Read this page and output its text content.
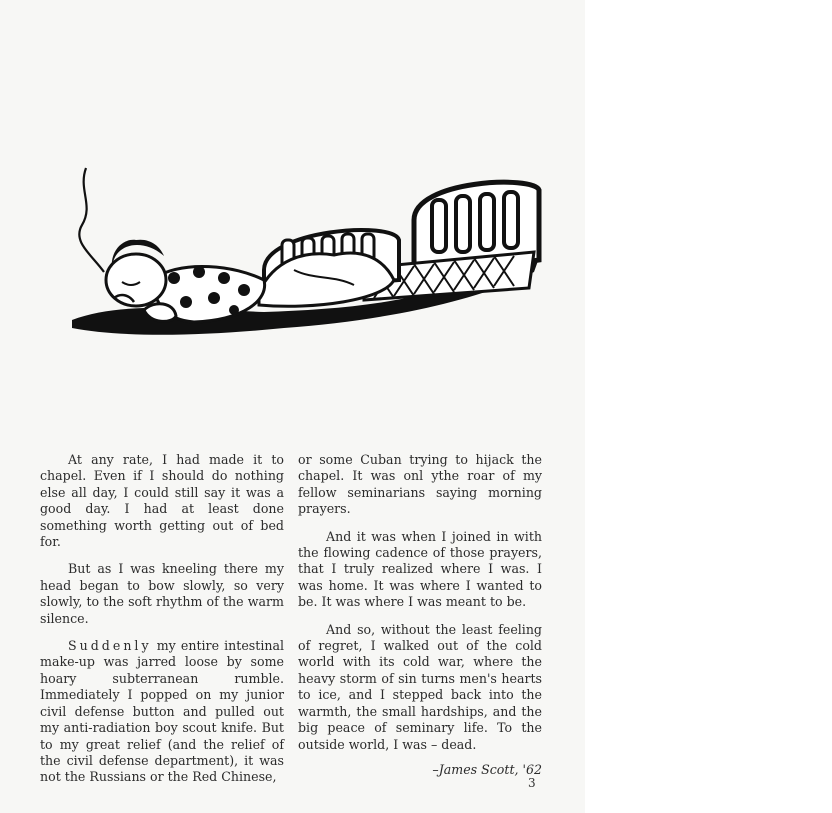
At any rate, I had made it to chapel. Even if I should do nothing else all day, I could still say it was a good day. I had at least done something worth getting out of bed for.

But as I was kneeling there my head began to bow slowly, so very slowly, to the soft rhythm of the warm silence.

Suddenly my entire intestinal make-up was jarred loose by some hoary subterranean rumble. Immediately I popped on my junior civil defense button and pulled out my anti-radiation boy scout knife. But to my great relief (and the relief of the civil defense department), it was not the Russians or the Red Chinese,

or some Cuban trying to hijack the chapel. It was onl ythe roar of my fellow seminarians saying morning prayers.

And it was when I joined in with the flowing cadence of those prayers, that I truly realized where I was. I was home. It was where I wanted to be. It was where I was meant to be.

And so, without the least feeling of regret, I walked out of the cold world with its cold war, where the heavy storm of sin turns men's hearts to ice, and I stepped back into the warmth, the small hardships, and the big peace of seminary life. To the outside world, I was – dead.

–James Scott, '62
3
